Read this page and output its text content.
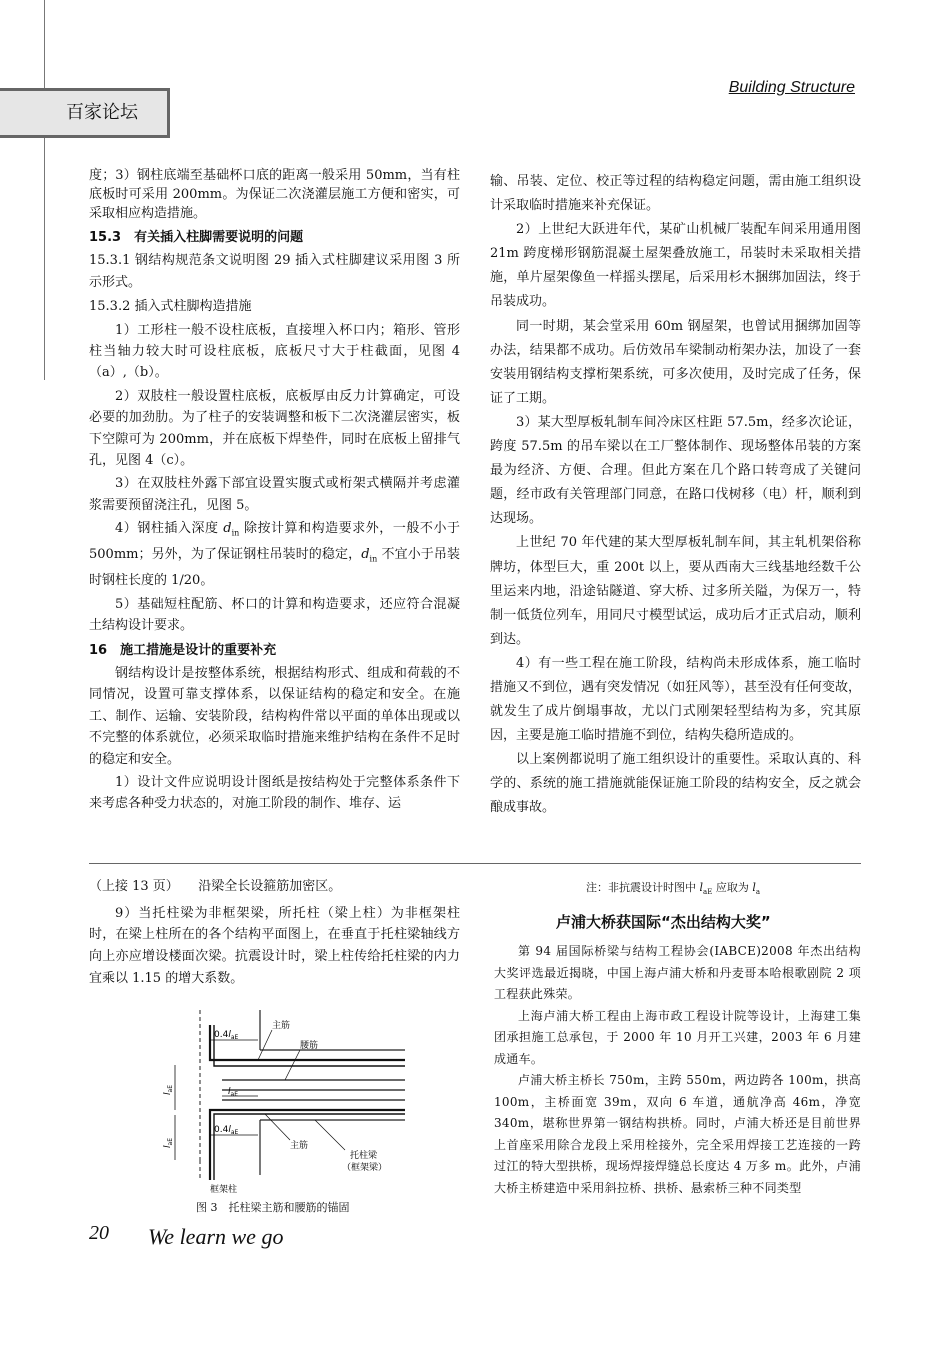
百家论坛
Building Structure

度；3）钢柱底端至基础杯口底的距离一般采用 50mm，当有柱底板时可采用 200mm。为保证二次浇灌层施工方便和密实，可采取相应构造措施。

15.3　有关插入柱脚需要说明的问题

15.3.1 钢结构规范条文说明图 29 插入式柱脚建议采用图 3 所示形式。

15.3.2 插入式柱脚构造措施

1）工形柱一般不设柱底板，直接埋入杯口内；箱形、管形柱当轴力较大时可设柱底板，底板尺寸大于柱截面，见图 4（a）,（b）。

2）双肢柱一般设置柱底板，底板厚由反力计算确定，可设必要的加劲肋。为了柱子的安装调整和板下二次浇灌层密实，板下空隙可为 200mm，并在底板下焊垫件，同时在底板上留排气孔，见图 4（c）。

3）在双肢柱外露下部宜设置实腹式或桁架式横隔并考虑灌浆需要预留浇注孔，见图 5。

4）钢柱插入深度 $d_{in}$ 除按计算和构造要求外，一般不小于 500mm；另外，为了保证钢柱吊装时的稳定，$d_{in}$ 不宜小于吊装时钢柱长度的 1/20。

5）基础短柱配筋、杯口的计算和构造要求，还应符合混凝土结构设计要求。

16　施工措施是设计的重要补充

钢结构设计是按整体系统，根据结构形式、组成和荷载的不同情况，设置可靠支撑体系，以保证结构的稳定和安全。在施工、制作、运输、安装阶段，结构构件常以平面的单体出现或以不完整的体系就位，必须采取临时措施来维护结构在条件不足时的稳定和安全。

1）设计文件应说明设计图纸是按结构处于完整体系条件下来考虑各种受力状态的，对施工阶段的制作、堆存、运

输、吊装、定位、校正等过程的结构稳定问题，需由施工组织设计采取临时措施来补充保证。

2）上世纪大跃进年代，某矿山机械厂装配车间采用通用图 21m 跨度梯形钢筋混凝土屋架叠放施工，吊装时未采取相关措施，单片屋架像鱼一样摇头摆尾，后采用杉木捆绑加固法，终于吊装成功。

同一时期，某会堂采用 60m 钢屋架，也曾试用捆绑加固等办法，结果都不成功。后仿效吊车梁制动桁架办法，加设了一套安装用钢结构支撑桁架系统，可多次使用，及时完成了任务，保证了工期。

3）某大型厚板轧制车间冷床区柱距 57.5m，经多次论证，跨度 57.5m 的吊车梁以在工厂整体制作、现场整体吊装的方案最为经济、方便、合理。但此方案在几个路口转弯成了关键问题，经市政有关管理部门同意，在路口伐树移（电）杆，顺利到达现场。

上世纪 70 年代建的某大型厚板轧制车间，其主轧机架俗称牌坊，体型巨大，重 200t 以上，要从西南大三线基地经数千公里运来内地，沿途钻隧道、穿大桥、过多所关隘，为保万一，特制一低货位列车，用同尺寸模型试运，成功后才正式启动，顺利到达。

4）有一些工程在施工阶段，结构尚未形成体系，施工临时措施又不到位，遇有突发情况（如狂风等），甚至没有任何变故，就发生了成片倒塌事故，尤以门式刚架轻型结构为多，究其原因，主要是施工临时措施不到位，结构失稳所造成的。

以上案例都说明了施工组织设计的重要性。采取认真的、科学的、系统的施工措施就能保证施工阶段的结构安全，反之就会酿成事故。

（上接 13 页）　　沿梁全长设箍筋加密区。

9）当托柱梁为非框架梁，所托柱（梁上柱）为非框架柱时，在梁上柱所在的各个结构平面图上，在垂直于托柱梁轴线方向上亦应增设楼面次梁。抗震设计时，梁上柱传给托柱梁的内力宜乘以 1.15 的增大系数。

$0.4l_{aE}$
$l_{aE}$
$0.4l_{aE}$
$l_{aE}$
$l_{aE}$
主筋
腰筋
主筋
托柱梁
（框架梁）
框架柱
图 3　托柱梁主筋和腰筋的锚固
注：非抗震设计时图中 $l_{aE}$ 应取为 $l_a$
卢浦大桥获国际“杰出结构大奖”

第 94 届国际桥梁与结构工程协会(IABCE)2008 年杰出结构大奖评选最近揭晓，中国上海卢浦大桥和丹麦哥本哈根歌剧院 2 项工程获此殊荣。

上海卢浦大桥工程由上海市政工程设计院等设计，上海建工集团承担施工总承包，于 2000 年 10 月开工兴建，2003 年 6 月建成通车。

卢浦大桥主桥长 750m，主跨 550m，两边跨各 100m，拱高 100m，主桥面宽 39m，双向 6 车道，通航净高 46m，净宽 340m，堪称世界第一钢结构拱桥。同时，卢浦大桥还是目前世界上首座采用除合龙段上采用栓接外，完全采用焊接工艺连接的一跨过江的特大型拱桥，现场焊接焊缝总长度达 4 万多 m。此外，卢浦大桥主桥建造中采用斜拉桥、拱桥、悬索桥三种不同类型

20 We learn we go
